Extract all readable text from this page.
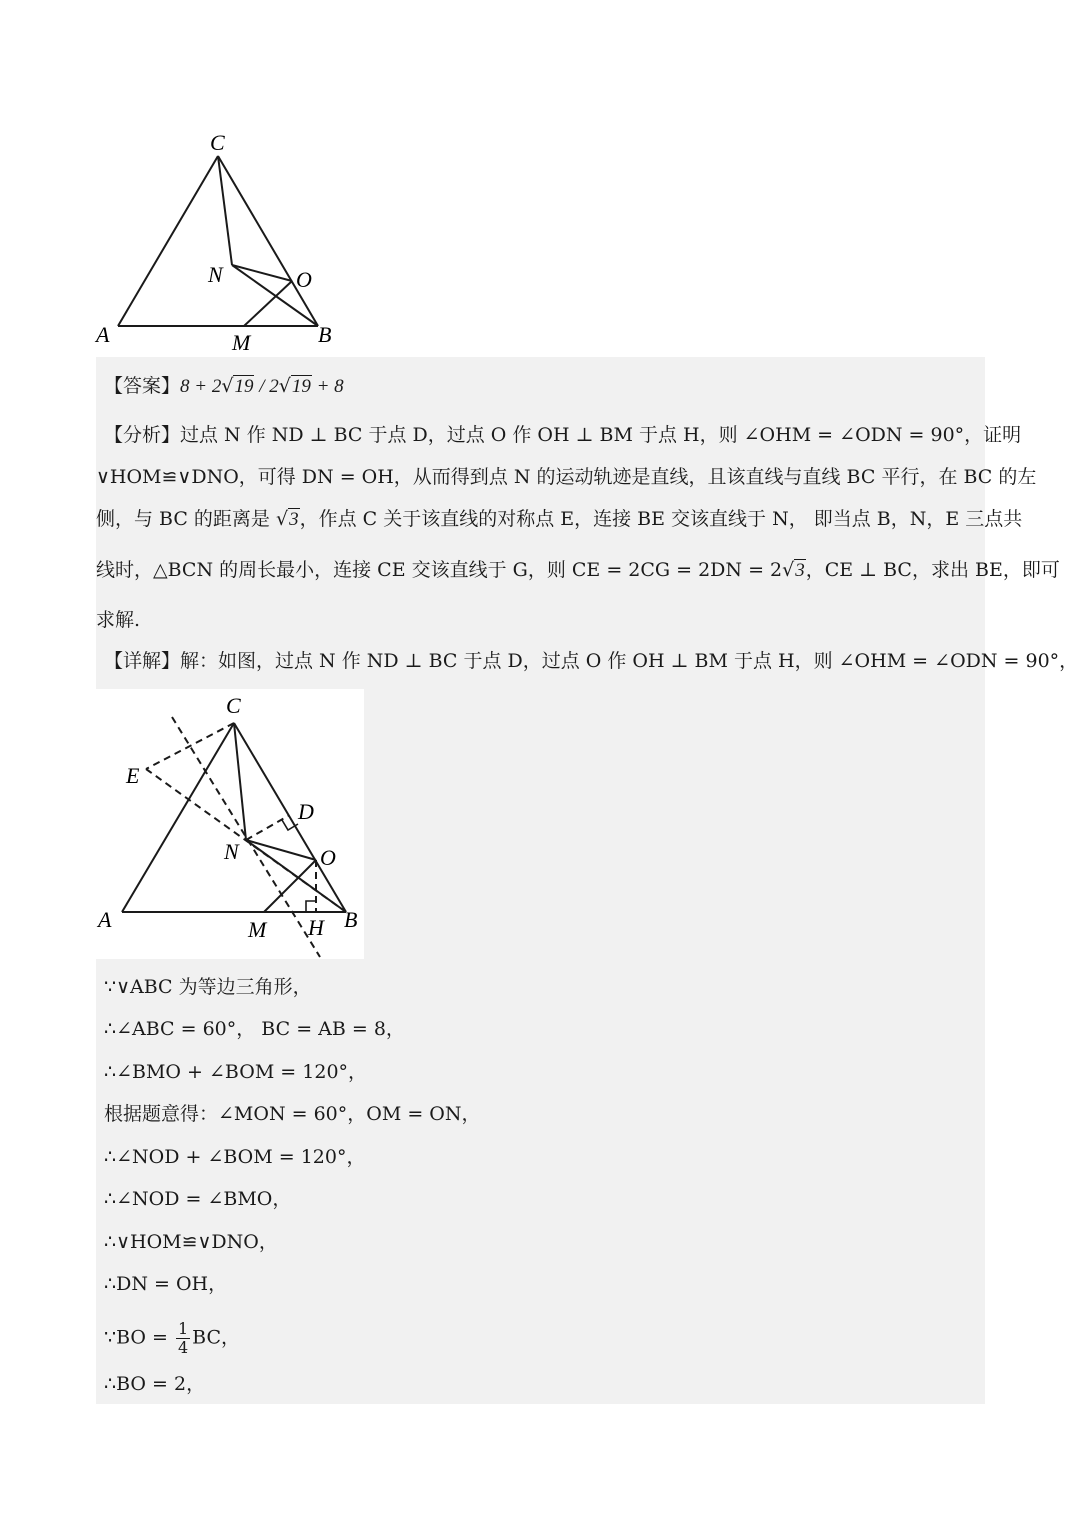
C
N	O
A	M	B
【答案】8 + 2√19 / 2√19 + 8
【分析】过点 N 作 ND ⊥ BC 于点 D，过点 O 作 OH ⊥ BM 于点 H，则 ∠OHM = ∠ODN = 90°，证明
∨HOM≌∨DNO，可得 DN = OH，从而得到点 N 的运动轨迹是直线，且该直线与直线 BC 平行，在 BC 的左
侧，与 BC 的距离是 √3，作点 C 关于该直线的对称点 E，连接 BE 交该直线于 N， 即当点 B，N，E 三点共
线时，△BCN 的周长最小，连接 CE 交该直线于 G，则 CE = 2CG = 2DN = 2√3，CE ⊥ BC，求出 BE，即可
求解.
【详解】解：如图，过点 N 作 ND ⊥ BC 于点 D，过点 O 作 OH ⊥ BM 于点 H，则 ∠OHM = ∠ODN = 90°，
C
E
D
N	O
A	M H B
∵∨ABC 为等边三角形，
∴∠ABC = 60°， BC = AB = 8，
∴∠BMO + ∠BOM = 120°，
根据题意得：∠MON = 60°，OM = ON，
∴∠NOD + ∠BOM = 120°，
∴∠NOD = ∠BMO，
∴∨HOM≌∨DNO，
∴DN = OH，
∵BO = $\frac{1}{4}$ BC，
∴BO = 2，
